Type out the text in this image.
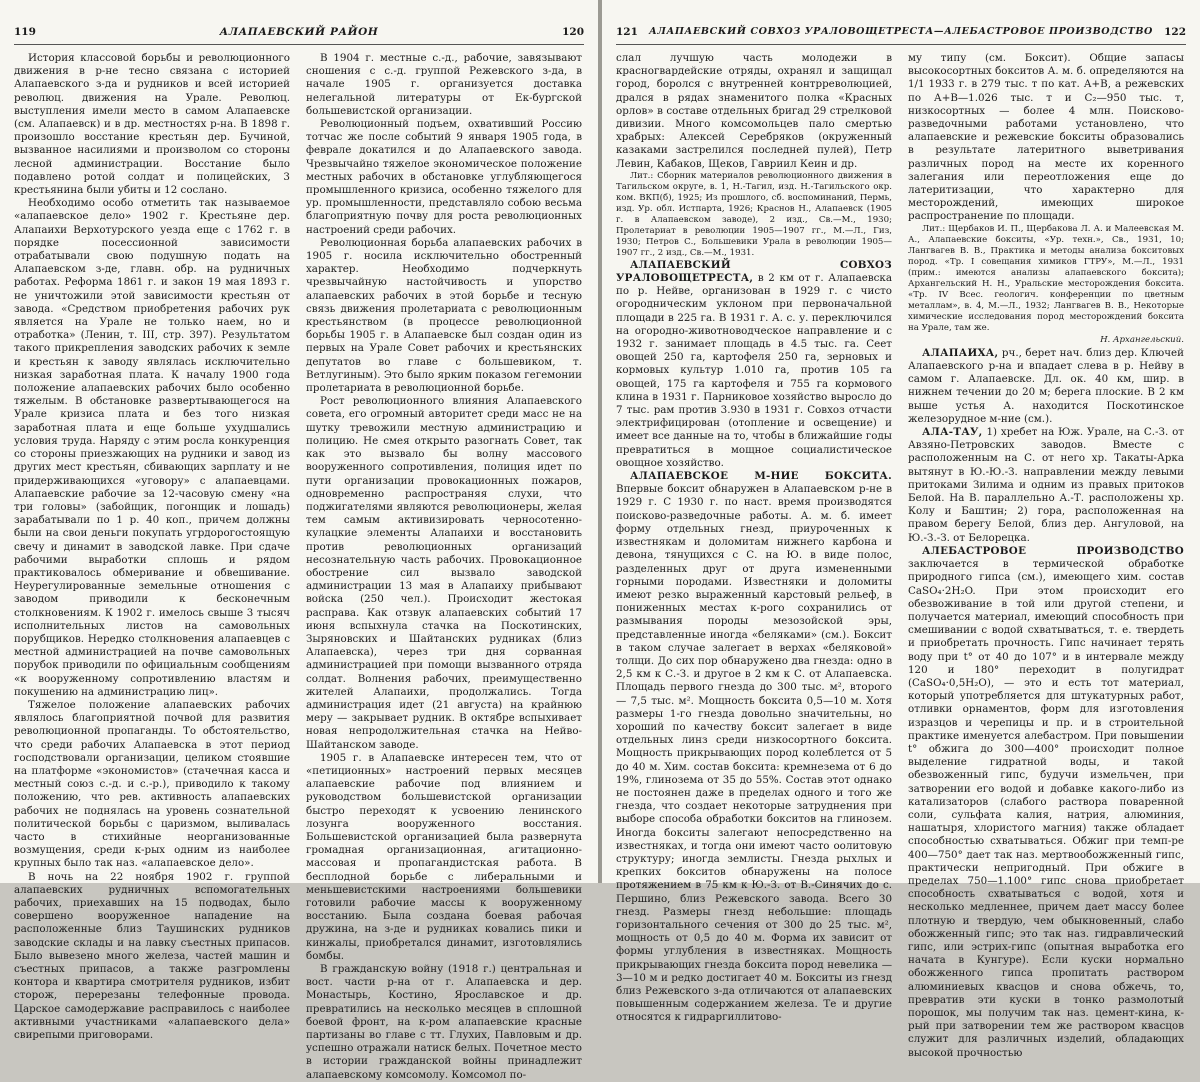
119	АЛАПАЕВСКИЙ РАЙОН	120

История классовой борьбы и революционного движения в р-не тесно связана с историей Алапаевского з-да и рудников и всей историей революц. движения на Урале. Революц. выступления имели место в самом Алапаевске (см. Алапаевск) и в др. местностях р-на. В 1898 г. произошло восстание крестьян дер. Бучиной, вызванное насилиями и произволом со стороны лесной администрации. Восстание было подавлено ротой солдат и полицейских, 3 крестьянина были убиты и 12 сослано.

Необходимо особо отметить так называемое «алапаевское дело» 1902 г. Крестьяне дер. Алапаихи Верхотурского уезда еще с 1762 г. в порядке посессионной зависимости отрабатывали свою подушную подать на Алапаевском з-де, главн. обр. на рудничных работах. Реформа 1861 г. и закон 19 мая 1893 г. не уничтожили этой зависимости крестьян от завода. «Средством приобретения рабочих рук является на Урале не только наем, но и отработка» (Ленин, т. III, стр. 397). Результатом такого прикрепления заводских рабочих к земле и крестьян к заводу являлась исключительно низкая заработная плата. К началу 1900 года положение алапаевских рабочих было особенно тяжелым. В обстановке развертывающегося на Урале кризиса плата и без того низкая заработная плата и еще больше ухудшались условия труда. Наряду с этим росла конкуренция со стороны приезжающих на рудники и завод из других мест крестьян, сбивающих зарплату и не придерживающихся «уговору» с алапаевцами. Алапаевские рабочие за 12-часовую смену «на три головы» (забойщик, погонщик и лошадь) зарабатывали по 1 р. 40 коп., причем должны были на свои деньги покупать угрдорогостоящую свечу и динамит в заводской лавке. При сдаче рабочими выработки сплошь и рядом практиковалось обмеривание и обвешивание. Неурегулированные земельные отношения с заводом приводили к бесконечным столкновениям. К 1902 г. имелось свыше 3 тысяч исполнительных листов на самовольных порубщиков. Нередко столкновения алапаевцев с местной администрацией на почве самовольных порубок приводили по официальным сообщениям «к вооруженному сопротивлению властям и покушению на администрацию лиц».

Тяжелое положение алапаевских рабочих являлось благоприятной почвой для развития революционной пропаганды. То обстоятельство, что среди рабочих Алапаевска в этот период господствовали организации, целиком стоявшие на платформе «экономистов» (стачечная касса и местный союз с.-д. и с.-р.), приводило к такому положению, что рев. активность алапаевских рабочих не поднялась на уровень сознательной политической борьбы с царизмом, выливалась часто в стихийные неорганизованные возмущения, среди к-рых одним из наиболее крупных было так наз. «алапаевское дело».

В ночь на 22 ноября 1902 г. группой алапаевских рудничных вспомогательных рабочих, приехавших на 15 подводах, было совершено вооруженное нападение на расположенные близ Таушинских рудников заводские склады и на лавку съестных припасов. Было вывезено много железа, частей машин и съестных припасов, а также разгромлены контора и квартира смотрителя рудников, избит сторож, перерезаны телефонные провода. Царское самодержавие расправилось с наиболее активными участниками «алапаевского дела» свирепыми приговорами.

В 1904 г. местные с.-д., рабочие, завязывают сношения с с.-д. группой Режевского з-да, в начале 1905 г. организуется доставка нелегальной литературы от Ек-бургской большевистской организации.

Революционный подъем, охвативший Россию тотчас же после событий 9 января 1905 года, в феврале докатился и до Алапаевского завода. Чрезвычайно тяжелое экономическое положение местных рабочих в обстановке углубляющегося промышленного кризиса, особенно тяжелого для ур. промышленности, представляло собою весьма благоприятную почву для роста революционных настроений среди рабочих.

Революционная борьба алапаевских рабочих в 1905 г. носила исключительно обостренный характер. Необходимо подчеркнуть чрезвычайную настойчивость и упорство алапаевских рабочих в этой борьбе и тесную связь движения пролетариата с революционным крестьянством (в процессе революционной борьбы 1905 г. в Алапаевске был создан один из первых на Урале Совет рабочих и крестьянских депутатов во главе с большевиком, т. Ветлугиным). Это было ярким показом гегемонии пролетариата в революционной борьбе.

Рост революционного влияния Алапаевского совета, его огромный авторитет среди масс не на шутку тревожили местную администрацию и полицию. Не смея открыто разогнать Совет, так как это вызвало бы волну массового вооруженного сопротивления, полиция идет по пути организации провокационных пожаров, одновременно распространяя слухи, что поджигателями являются революционеры, желая тем самым активизировать черносотенно-кулацкие элементы Алапаихи и восстановить против революционных организаций несознательную часть рабочих. Провокационное обострение сил вызвало заводской администрации 13 мая в Алапаиху прибывают войска (250 чел.). Происходит жестокая расправа. Как отзвук алапаевских событий 17 июня вспыхнула стачка на Поскотинских, Зыряновских и Шайтанских рудниках (близ Алапаевска), через три дня сорванная администрацией при помощи вызванного отряда солдат. Волнения рабочих, преимущественно жителей Алапаихи, продолжались. Тогда администрация идет (21 августа) на крайнюю меру — закрывает рудник. В октябре вспыхивает новая непродолжительная стачка на Нейво-Шайтанском заводе.

1905 г. в Алапаевске интересен тем, что от «петиционных» настроений первых месяцев алапаевские рабочие под влиянием и руководством большевистской организации быстро переходят к усвоению ленинского лозунга вооруженного восстания. Большевистской организацией была развернута громадная организационная, агитационно-массовая и пропагандистская работа. В бесплодной борьбе с либеральными и меньшевистскими настроениями большевики готовили рабочие массы к вооруженному восстанию. Была создана боевая рабочая дружина, на з-де и рудниках ковались пики и кинжалы, приобретался динамит, изготовлялись бомбы.

В гражданскую войну (1918 г.) центральная и вост. части р-на от г. Алапаевска и дер. Монастырь, Костино, Ярославское и др. превратились на несколько месяцев в сплошной боевой фронт, на к-ром алапаевские красные партизаны во главе с тт. Глухих, Павловым и др. успешно отражали натиск белых. Почетное место в истории гражданской войны принадлежит алапаевскому комсомолу. Комсомол по-

121	АЛАПАЕВСКИЙ СОВХОЗ УРАЛОВОЩЕТРЕСТА—АЛЕБАСТРОВОЕ ПРОИЗВОДСТВО	122

слал лучшую часть молодежи в красногвардейские отряды, охранял и защищал город, боролся с внутренней контрреволюцией, дрался в рядах знаменитого полка «Красных орлов» в составе отдельных бригад 29 стрелковой дивизии. Много комсомольцев пало смертью храбрых: Алексей Серебряков (окруженный казаками застрелился последней пулей), Петр Левин, Кабаков, Щеков, Гавриил Кеин и др.

Лит.: Сборник материалов революционного движения в Тагильском округе, в. 1, Н.-Тагил, изд. Н.-Тагильского окр. ком. ВКП(б), 1925; Из прошлого, сб. воспоминаний, Пермь, изд. Ур. обл. Истпарта, 1926; Краснов Н., Алапаевск (1905 г. в Алапаевском заводе), 2 изд., Св.—М., 1930; Пролетариат в революции 1905—1907 гг., М.—Л., Гиз, 1930; Петров С., Большевики Урала в революции 1905—1907 гг., 2 изд., Св.—М., 1931.

АЛАПАЕВСКИЙ СОВХОЗ УРАЛОВОЩЕТРЕСТА, в 2 км от г. Алапаевска по р. Нейве, организован в 1929 г. с чисто огородническим уклоном при первоначальной площади в 225 га. В 1931 г. А. с. у. переключился на огородно-животноводческое направление и с 1932 г. занимает площадь в 4.5 тыс. га. Сеет овощей 250 га, картофеля 250 га, зерновых и кормовых культур 1.010 га, против 105 га овощей, 175 га картофеля и 755 га кормового клина в 1931 г. Парниковое хозяйство выросло до 7 тыс. рам против 3.930 в 1931 г. Совхоз отчасти электрифицирован (отопление и освещение) и имеет все данные на то, чтобы в ближайшие годы превратиться в мощное социалистическое овощное хозяйство.

АЛАПАЕВСКОЕ М-НИЕ БОКСИТА. Впервые боксит обнаружен в Алапаевском р-не в 1929 г. С 1930 г. по наст. время производятся поисково-разведочные работы. А. м. б. имеет форму отдельных гнезд, приуроченных к известнякам и доломитам нижнего карбона и девона, тянущихся с С. на Ю. в виде полос, разделенных друг от друга измененными горными породами. Известняки и доломиты имеют резко выраженный карстовый рельеф, в пониженных местах к-рого сохранились от размывания породы мезозойской эры, представленные иногда «беляками» (см.). Боксит в таком случае залегает в верхах «беляковой» толщи. До сих пор обнаружено два гнезда: одно в 2,5 км к С.-З. и другое в 2 км к С. от Алапаевска. Площадь первого гнезда до 300 тыс. м², второго — 7,5 тыс. м². Мощность боксита 0,5—10 м. Хотя размеры 1-го гнезда довольно значительны, но хороший по качеству боксит залегает в виде отдельных линз среди низкосортного боксита. Мощность прикрывающих пород колеблется от 5 до 40 м. Хим. состав боксита: кремнезема от 6 до 19%, глинозема от 35 до 55%. Состав этот однако не постоянен даже в пределах одного и того же гнезда, что создает некоторые затруднения при выборе способа обработки бокситов на глинозем. Иногда бокситы залегают непосредственно на известняках, и тогда они имеют часто оолитовую структуру; иногда землисты. Гнезда рыхлых и крепких бокситов обнаружены на полосе протяжением в 75 км к Ю.-З. от В.-Синячих до с. Першино, близ Режевского завода. Всего 30 гнезд. Размеры гнезд небольшие: площадь горизонтального сечения от 300 до 25 тыс. м², мощность от 0,5 до 40 м. Форма их зависит от формы углубления в известняках. Мощность прикрывающих гнезда боксита пород невелика — 3—10 м и редко достигает 40 м. Бокситы из гнезд близ Режевского з-да отличаются от алапаевских повышенным содержанием железа. Те и другие относятся к гидраргиллитово-

му типу (см. Боксит). Общие запасы высокосортных бокситов А. м. б. определяются на 1/1 1933 г. в 279 тыс. т по кат. А+В, а режевских по А+В—1.026 тыс. т и С₂—950 тыс. т, низкосортных — более 4 млн. Поисково-разведочными работами установлено, что алапаевские и режевские бокситы образовались в результате латеритного выветривания различных пород на месте их коренного залегания или переотложения еще до латеритизации, что характерно для месторождений, имеющих широкое распространение по площади.

Лит.: Щербаков И. П., Щербакова Л. А. и Малеевская М. А., Алапаевские бокситы, «Ур. техн.», Св., 1931, 10; Лангвагев В. В., Практика и методы анализа бокситовых пород. «Тр. I совещания химиков ГТРУ», М.—Л., 1931 (прим.: имеются анализы алапаевского боксита); Архангельский Н. Н., Уральские месторождения боксита. «Тр. IV Всес. геологич. конференции по цветным металлам», в. 4, М.—Л., 1932; Лангвагев В. В., Некоторые химические исследования пород месторождений боксита на Урале, там же.

Н. Архангельский.

АЛАПАИХА, рч., берет нач. близ дер. Ключей Алапаевского р-на и впадает слева в р. Нейву в самом г. Алапаевске. Дл. ок. 40 км, шир. в нижнем течении до 20 м; берега плоские. В 2 км выше устья А. находится Поскотинское железорудное м-ние (см.).

АЛА-ТАУ, 1) хребет на Юж. Урале, на С.-З. от Авзяно-Петровских заводов. Вместе с расположенным на С. от него хр. Такаты-Арка вытянут в Ю.-Ю.-З. направлении между левыми притоками Зилима и одним из правых притоков Белой. На В. параллельно А.-Т. расположены хр. Колу и Баштин; 2) гора, расположенная на правом берегу Белой, близ дер. Ангуловой, на Ю.-З.-З. от Белорецка.

АЛЕБАСТРОВОЕ ПРОИЗВОДСТВО заключается в термической обработке природного гипса (см.), имеющего хим. состав CaSO₄·2H₂O. При этом происходит его обезвоживание в той или другой степени, и получается материал, имеющий способность при смешивании с водой схватываться, т. е. твердеть и приобретать прочность. Гипс начинает терять воду при t° от 40 до 107° и в интервале между 120 и 180° переходит в полугидрат (CaSO₄·0,5H₂O), — это и есть тот материал, который употребляется для штукатурных работ, отливки орнаментов, форм для изготовления изразцов и черепицы и пр. и в строительной практике именуется алебастром. При повышении t° обжига до 300—400° происходит полное выделение гидратной воды, и такой обезвоженный гипс, будучи измельчен, при затворении его водой и добавке какого-либо из катализаторов (слабого раствора поваренной соли, сульфата калия, натрия, алюминия, нашатыря, хлористого магния) также обладает способностью схватываться. Обжиг при темп-ре 400—750° дает так наз. мертвообожженный гипс, практически непригодный. При обжиге в пределах 750—1.100° гипс снова приобретает способность схватываться с водой, хотя и несколько медленнее, причем дает массу более плотную и твердую, чем обыкновенный, слабо обожженный гипс; это так наз. гидравлический гипс, или эстрих-гипс (опытная выработка его начата в Кунгуре). Если куски нормально обожженного гипса пропитать раствором алюминиевых квасцов и снова обжечь, то, превратив эти куски в тонко размолотый порошок, мы получим так наз. цемент-кина, к-рый при затворении тем же раствором квасцов служит для различных изделий, обладающих высокой прочностью
